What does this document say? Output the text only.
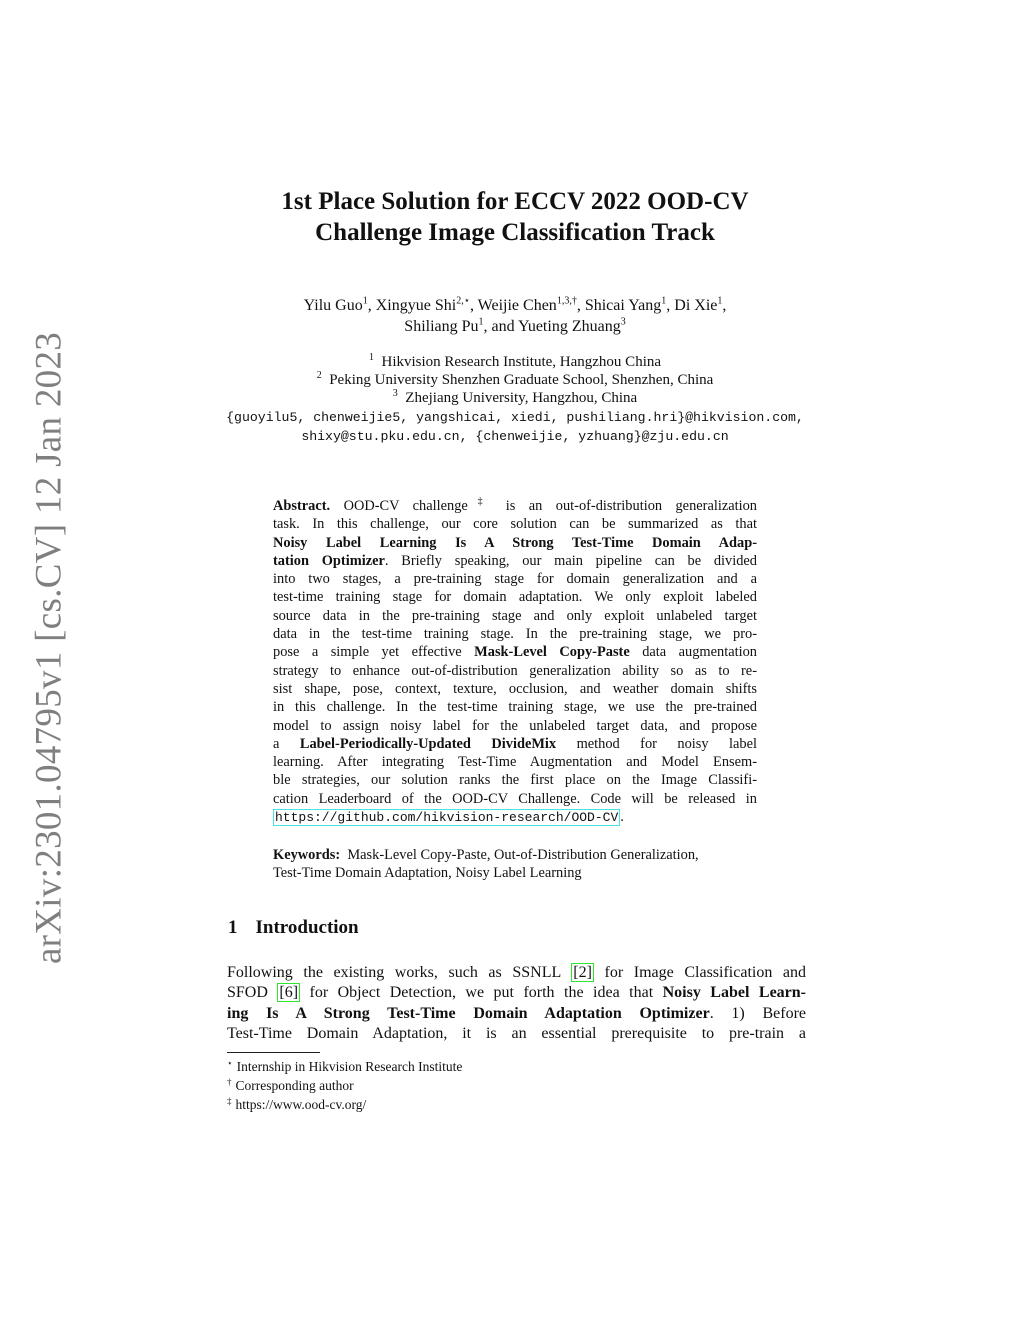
arXiv:2301.04795v1 [cs.CV] 12 Jan 2023
1st Place Solution for ECCV 2022 OOD-CV
Challenge Image Classification Track
Yilu Guo$^1$, Xingyue Shi$^{2,⋆}$, Weijie Chen$^{1,3,\dagger}$, Shicai Yang$^1$, Di Xie$^1$,
Shiliang Pu$^1$, and Yueting Zhuang$^3$
$^1$ Hikvision Research Institute, Hangzhou China
$^2$ Peking University Shenzhen Graduate School, Shenzhen, China
$^3$ Zhejiang University, Hangzhou, China
{guoyilu5, chenweijie5, yangshicai, xiedi, pushiliang.hri}@hikvision.com,
shixy@stu.pku.edu.cn, {chenweijie, yzhuang}@zju.edu.cn
Abstract. OOD-CV challenge‡ is an out-of-distribution generalization
task. In this challenge, our core solution can be summarized as that
Noisy Label Learning Is A Strong Test-Time Domain Adap-
tation Optimizer. Briefly speaking, our main pipeline can be divided
into two stages, a pre-training stage for domain generalization and a
test-time training stage for domain adaptation. We only exploit labeled
source data in the pre-training stage and only exploit unlabeled target
data in the test-time training stage. In the pre-training stage, we pro-
pose a simple yet effective Mask-Level Copy-Paste data augmentation
strategy to enhance out-of-distribution generalization ability so as to re-
sist shape, pose, context, texture, occlusion, and weather domain shifts
in this challenge. In the test-time training stage, we use the pre-trained
model to assign noisy label for the unlabeled target data, and propose
a Label-Periodically-Updated DivideMix method for noisy label
learning. After integrating Test-Time Augmentation and Model Ensem-
ble strategies, our solution ranks the first place on the Image Classifi-
cation Leaderboard of the OOD-CV Challenge. Code will be released in
https://github.com/hikvision-research/OOD-CV .
Keywords: Mask-Level Copy-Paste, Out-of-Distribution Generalization,
Test-Time Domain Adaptation, Noisy Label Learning
1 Introduction
Following the existing works, such as SSNLL [2] for Image Classification and
SFOD [6] for Object Detection, we put forth the idea that Noisy Label Learn-
ing Is A Strong Test-Time Domain Adaptation Optimizer. 1) Before
Test-Time Domain Adaptation, it is an essential prerequisite to pre-train a
⋆ Internship in Hikvision Research Institute
† Corresponding author
‡ https://www.ood-cv.org/
